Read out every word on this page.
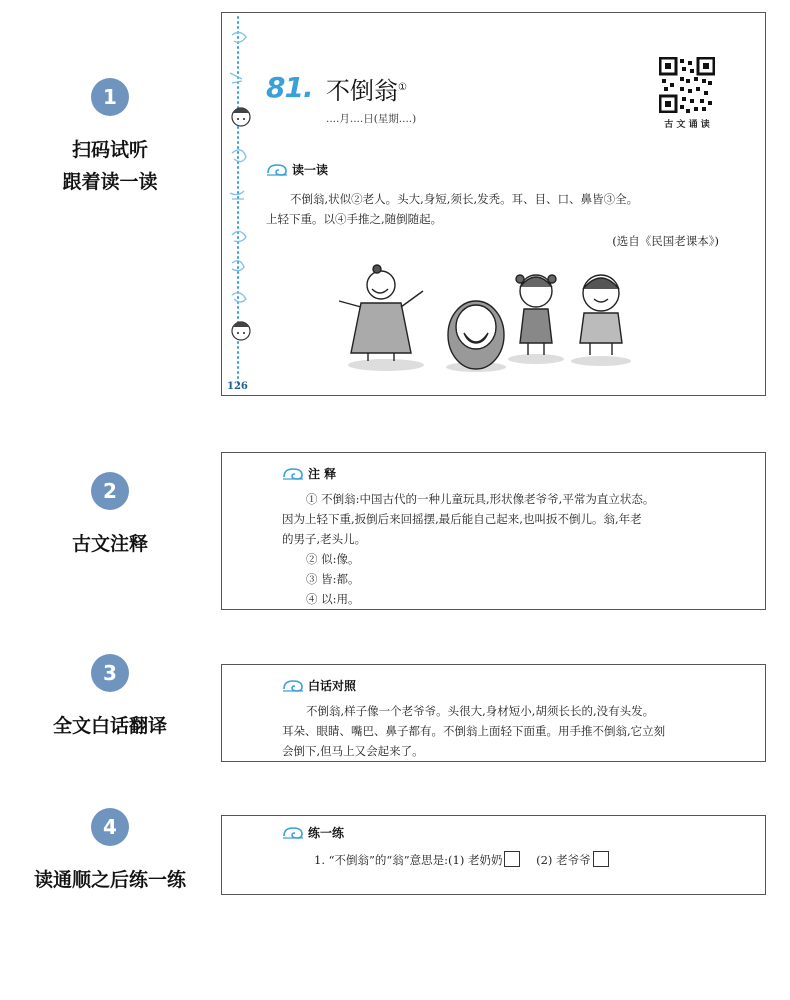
1
扫码试听
跟着读一读
2
古文注释
3
全文白话翻译
4
读通顺之后练一练
81. 不倒翁①
....月....日(星期....)	古 文 诵 读
读一读
不倒翁,状似②老人。头大,身短,须长,发秃。耳、目、口、鼻皆③全。
上轻下重。以④手推之,随倒随起。
(选自《民国老课本》)
126
注 释
① 不倒翁:中国古代的一种儿童玩具,形状像老爷爷,平常为直立状态。
因为上轻下重,扳倒后来回摇摆,最后能自己起来,也叫扳不倒儿。翁,年老
的男子,老头儿。
② 似:像。
③ 皆:都。
④ 以:用。
白话对照
不倒翁,样子像一个老爷爷。头很大,身材短小,胡须长长的,没有头发。
耳朵、眼睛、嘴巴、鼻子都有。不倒翁上面轻下面重。用手推不倒翁,它立刻
会倒下,但马上又会起来了。
练一练
1. “不倒翁”的“翁”意思是:(1) 老奶奶	(2) 老爷爷
